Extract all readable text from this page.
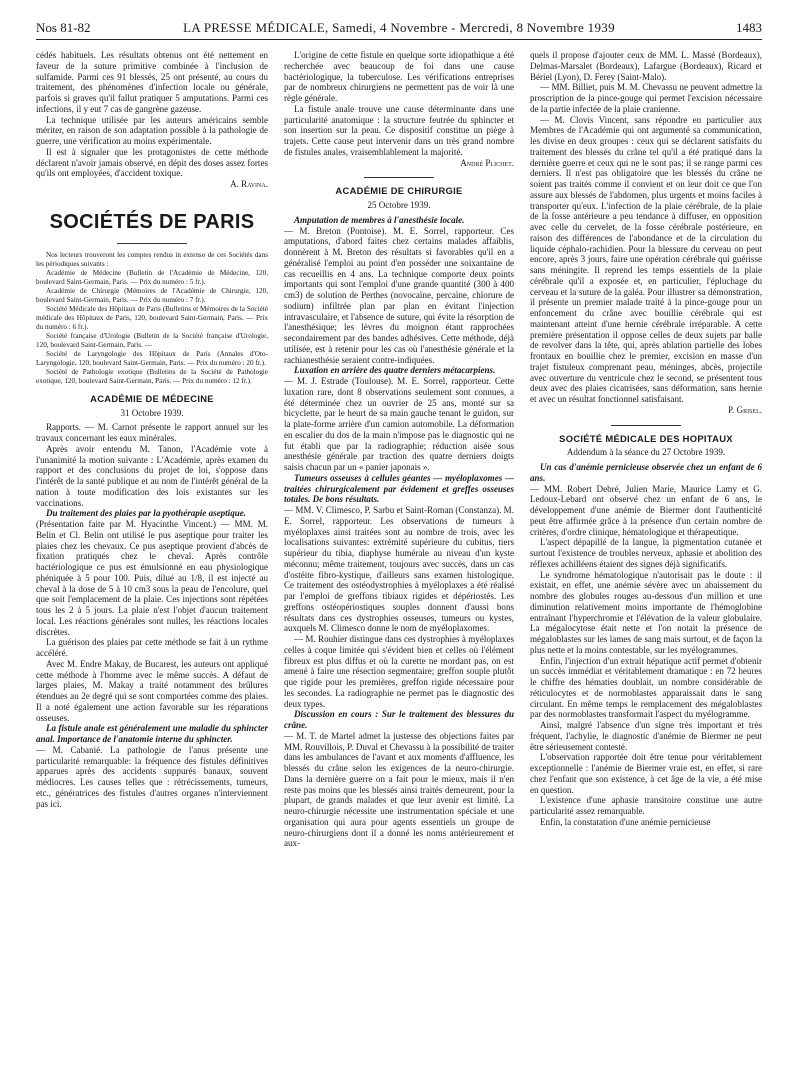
Nos 81-82	LA PRESSE MÉDICALE, Samedi, 4 Novembre - Mercredi, 8 Novembre 1939	1483

cédés habituels. Les résultats obtenus ont été nettement en faveur de la suture primitive combinée à l'inclusion de sulfamide. Parmi ces 91 blessés, 25 ont présenté, au cours du traitement, des phénomènes d'infection locale ou générale, parfois si graves qu'il fallut pratiquer 5 amputations. Parmi ces infections, il y eut 7 cas de gangrène gazeuse.

La technique utilisée par les auteurs américains semble mériter, en raison de son adaptation possible à la pathologie de guerre, une vérification au moins expérimentale.

Il est à signaler que les protagonistes de cette méthode déclarent n'avoir jamais observé, en dépit des doses assez fortes qu'ils ont employées, d'accident toxique.

A. Ravina.

SOCIÉTÉS DE PARIS

Nos lecteurs trouveront les comptes rendus in extenso de ces Sociétés dans les périodiques suivants :

Académie de Médecine (Bulletin de l'Académie de Médecine, 120, boulevard Saint-Germain, Paris. — Prix du numéro : 5 fr.).

Académie de Chirurgie (Mémoires de l'Académie de Chirurgie, 120, boulevard Saint-Germain, Paris. — Prix du numéro : 7 fr.).

Société Médicale des Hôpitaux de Paris (Bulletins et Mémoires de la Société médicale des Hôpitaux de Paris, 120, boulevard Saint-Germain, Paris. — Prix du numéro : 6 fr.).

Société française d'Urologie (Bulletin de la Société française d'Urologie, 120, boulevard Saint-Germain, Paris. —

Société de Laryngologie des Hôpitaux de Paris (Annales d'Oto-Laryngologie, 120, boulevard Saint-Germain, Paris. — Prix du numéro : 20 fr.).

Société de Pathologie exotique (Bulletins de la Société de Pathologie exotique, 120, boulevard Saint-Germain, Paris. — Prix du numéro : 12 fr.).

ACADÉMIE DE MÉDECINE
31 Octobre 1939.

Rapports. — M. Carnot présente le rapport annuel sur les travaux concernant les eaux minérales.

Après avoir entendu M. Tanon, l'Académie vote à l'unanimité la motion suivante : L'Académie, après examen du rapport et des conclusions du projet de loi, s'oppose dans l'intérêt de la santé publique et au nom de l'intérêt général de la nation à toute modification des lois existantes sur les vaccinations.

Du traitement des plaies par la pyothérapie aseptique.

(Présentation faite par M. Hyacinthe Vincent.) — MM. M. Belin et Cl. Belin ont utilisé le pus aseptique pour traiter les plaies chez les chevaux. Ce pus aseptique provient d'abcès de fixation pratiqués chez le cheval. Après contrôle bactériologique ce pus est émulsionné en eau physiologique phéniquée à 5 pour 100. Puis, dilué au 1/8, il est injecté au cheval à la dose de 5 à 10 cm3 sous la peau de l'encolure, quel que soit l'emplacement de la plaie. Ces injections sont répétées tous les 2 à 5 jours. La plaie n'est l'objet d'aucun traitement local. Les réactions générales sont nulles, les réactions locales discrètes.

La guérison des plaies par cette méthode se fait à un rythme accéléré.

Avec M. Endre Makay, de Bucarest, les auteurs ont appliqué cette méthode à l'homme avec le même succès. A défaut de larges plaies, M. Makay a traité notamment des brûlures étendues au 2e degré qui se sont comportées comme des plaies. Il a noté également une action favorable sur les réparations osseuses.

La fistule anale est généralement une maladie du sphincter anal. Importance de l'anatomie interne du sphincter.

— M. Cabanié. La pathologie de l'anus présente une particularité remarquable: la fréquence des fistules définitives apparues après des accidents suppurés banaux, souvent médiocres. Les causes telles que : rétrécissements, tumeurs, etc., génératrices des fistules d'autres organes n'interviennent pas ici.

L'origine de cette fistule en quelque sorte idiopathique a été recherchée avec beaucoup de foi dans une cause bactériologique, la tuberculose. Les vérifications entreprises par de nombreux chirurgiens ne permettent pas de voir là une règle générale.

La fistule anale trouve une cause déterminante dans une particularité anatomique : la structure feutrée du sphincter et son insertion sur la peau. Ce dispositif constitue un piège à trajets. Cette cause peut intervenir dans un très grand nombre de fistules anales, vraisemblablement la majorité.

André Plichet.

ACADÉMIE DE CHIRURGIE
25 Octobre 1939.

Amputation de membres à l'anesthésie locale.

— M. Breton (Pontoise). M. E. Sorrel, rapporteur. Ces amputations, d'abord faites chez certains malades affaiblis, donnèrent à M. Breton des résultats si favorables qu'il en a généralisé l'emploi au point d'en posséder une soixantaine de cas recueillis en 4 ans. La technique comporte deux points importants qui sont l'emploi d'une grande quantité (300 à 400 cm3) de solution de Perthes (novocaïne, percaïne, chlorure de sodium) infiltrée plan par plan en évitant l'injection intravasculaire, et l'absence de suture, qui évite la résorption de l'anesthésique; les lèvres du moignon étant rapprochées secondairement par des bandes adhésives. Cette méthode, déjà utilisée, est à retenir pour les cas où l'anesthésie générale et la rachianesthésie seraient contre-indiquées.

Luxation en arrière des quatre derniers métacarpiens.

— M. J. Estrade (Toulouse). M. E. Sorrel, rapporteur. Cette luxation rare, dont 8 observations seulement sont connues, a été déterminée chez un ouvrier de 25 ans, monté sur sa bicyclette, par le heurt de sa main gauche tenant le guidon, sur la plate-forme arrière d'un camion automobile. La déformation en escalier du dos de la main n'impose pas le diagnostic qui ne fut établi que par la radiographie; réduction aisée sous anesthésie générale par traction des quatre derniers doigts saisis chacun par un « panier japonais ».

Tumeurs osseuses à cellules géantes — myéloplaxomes — traitées chirurgicalement par évidement et greffes osseuses totales. De bons résultats.

— MM. V. Climesco, P. Sarbu et Saint-Roman (Constanza). M. E. Sorrel, rapporteur. Les observations de tumeurs à myéloplaxes ainsi traitées sont au nombre de trois, avec les localisations suivantes: extrémité supérieure du cubitus, tiers supérieur du tibia, diaphyse humérale au niveau d'un kyste méconnu; même traitement, toujours avec succès, dans un cas d'ostéite fibro-kystique, d'ailleurs sans examen histologique. Ce traitement des ostéodystrophies à myéloplaxes a été réalisé par l'emploi de greffons tibiaux rigides et dépériostés. Les greffons ostéopériostiques souples donnent d'aussi bons résultats dans ces dystrophies osseuses, tumeurs ou kystes, auxquels M. Climesco donne le nom de myéloplaxomes.

— M. Rouhier distingue dans ces dystrophies à myéloplaxes celles à coque limitée qui s'évident bien et celles où l'élément fibreux est plus diffus et où la curette ne mordant pas, on est amené à faire une résection segmentaire; greffon souple plutôt que rigide pour les premières, greffon rigide nécessaire pour les secondes. La radiographie ne permet pas le diagnostic des deux types.

Discussion en cours : Sur le traitement des blessures du crâne.

— M. T. de Martel admet la justesse des objections faites par MM. Rouvillois, P. Duval et Chevassu à la possibilité de traiter dans les ambulances de l'avant et aux moments d'affluence, les blessés du crâne selon les exigences de la neuro-chirurgie. Dans la dernière guerre on a fait pour le mieux, mais il n'en reste pas moins que les blessés ainsi traités demeurent, pour la plupart, de grands malades et que leur avenir est limité. La neuro-chirurgie nécessite une instrumentation spéciale et une organisation qui aura pour agents essentiels un groupe de neuro-chirurgiens dont il a donné les noms antérieurement et aux-

quels il propose d'ajouter ceux de MM. L. Massé (Bordeaux), Delmas-Marsalet (Bordeaux), Lafargue (Bordeaux), Ricard et Bériel (Lyon), D. Ferey (Saint-Malo).

— MM. Billiet, puis M. M. Chevassu ne peuvent admettre la proscription de la pince-gouge qui permet l'excision nécessaire de la partie infectée de la plaie cranienne.

— M. Clovis Vincent, sans répondre en particulier aux Membres de l'Académie qui ont argumenté sa communication, les divise en deux groupes : ceux qui se déclarent satisfaits du traitement des blessés du crâne tel qu'il a été pratiqué dans la dernière guerre et ceux qui ne le sont pas; il se range parmi ces derniers. Il n'est pas obligatoire que les blessés du crâne ne soient pas traités comme il convient et on leur doit ce que l'on assure aux blessés de l'abdomen, plus urgents et moins faciles à transporter qu'eux. L'infection de la plaie cérébrale, de la plaie de la fosse antérieure a peu tendance à diffuser, en opposition avec celle du cervelet, de la fosse cérébrale postérieure, en raison des différences de l'abondance et de la circulation du liquide céphalo-rachidien. Pour la blessure du cerveau on peut encore, après 3 jours, faire une opération cérébrale qui guérisse sans méningite. Il reprend les temps essentiels de la plaie cérébrale qu'il a exposée et, en particulier, l'épluchage du cerveau et la suture de la galéa. Pour illustrer sa démonstration, il présente un premier malade traité à la pince-gouge pour un enfoncement du crâne avec bouillie cérébrale qui est maintenant atteint d'une hernie cérébrale irréparable. A cette première présentation il oppose celles de deux sujets par balle de revolver dans la tête, qui, après ablation partielle des lobes frontaux en bouillie chez le premier, excision en masse d'un trajet fistuleux comprenant peau, méninges, abcès, projectile avec ouverture du ventricule chez le second, se présentent tous deux avec des plaies cicatrisées, sans déformation, sans hernie et avec un résultat fonctionnel satisfaisant.

P. Grisel.

SOCIÉTÉ MÉDICALE DES HOPITAUX
Addendum à la séance du 27 Octobre 1939.

Un cas d'anémie pernicieuse observée chez un enfant de 6 ans.

— MM. Robert Debré, Julien Marie, Maurice Lamy et G. Ledoux-Lebard ont observé chez un enfant de 6 ans, le développement d'une anémie de Biermer dont l'authenticité peut être affirmée grâce à la présence d'un certain nombre de critères, d'ordre clinique, hématologique et thérapeutique.

L'aspect dépapillé de la langue, la pigmentation cutanée et surtout l'existence de troubles nerveux, aphasie et abolition des réflexes achilléens étaient des signes déjà significatifs.

Le syndrome hématologique n'autorisait pas le doute : il existait, en effet, une anémie sévère avec un abaissement du nombre des globules rouges au-dessous d'un million et une diminution relativement moins importante de l'hémoglobine entraînant l'hyperchromie et l'élévation de la valeur globulaire. La mégalocytose était nette et l'on notait la présence de mégaloblastes sur les lames de sang mais surtout, et de façon la plus nette et la moins contestable, sur les myélogrammes.

Enfin, l'injection d'un extrait hépatique actif permet d'obtenir un succès immédiat et véritablement dramatique : en 72 heures le chiffre des hématies doublait, un nombre considérable de réticulocytes et de normoblastes apparaissait dans le sang circulant. En même temps le remplacement des mégaloblastes par des normoblastes transformait l'aspect du myélogramme.

Ainsi, malgré l'absence d'un signe très important et très fréquent, l'achylie, le diagnostic d'anémie de Biermer ne peut être sérieusement contesté.

L'observation rapportée doit être tenue pour véritablement exceptionnelle : l'anémie de Biermer vraie est, en effet, si rare chez l'enfant que son existence, à cet âge de la vie, a été mise en question.

L'existence d'une aphasie transitoire constitue une autre particularité assez remarquable.

Enfin, la constatation d'une anémie pernicieuse
